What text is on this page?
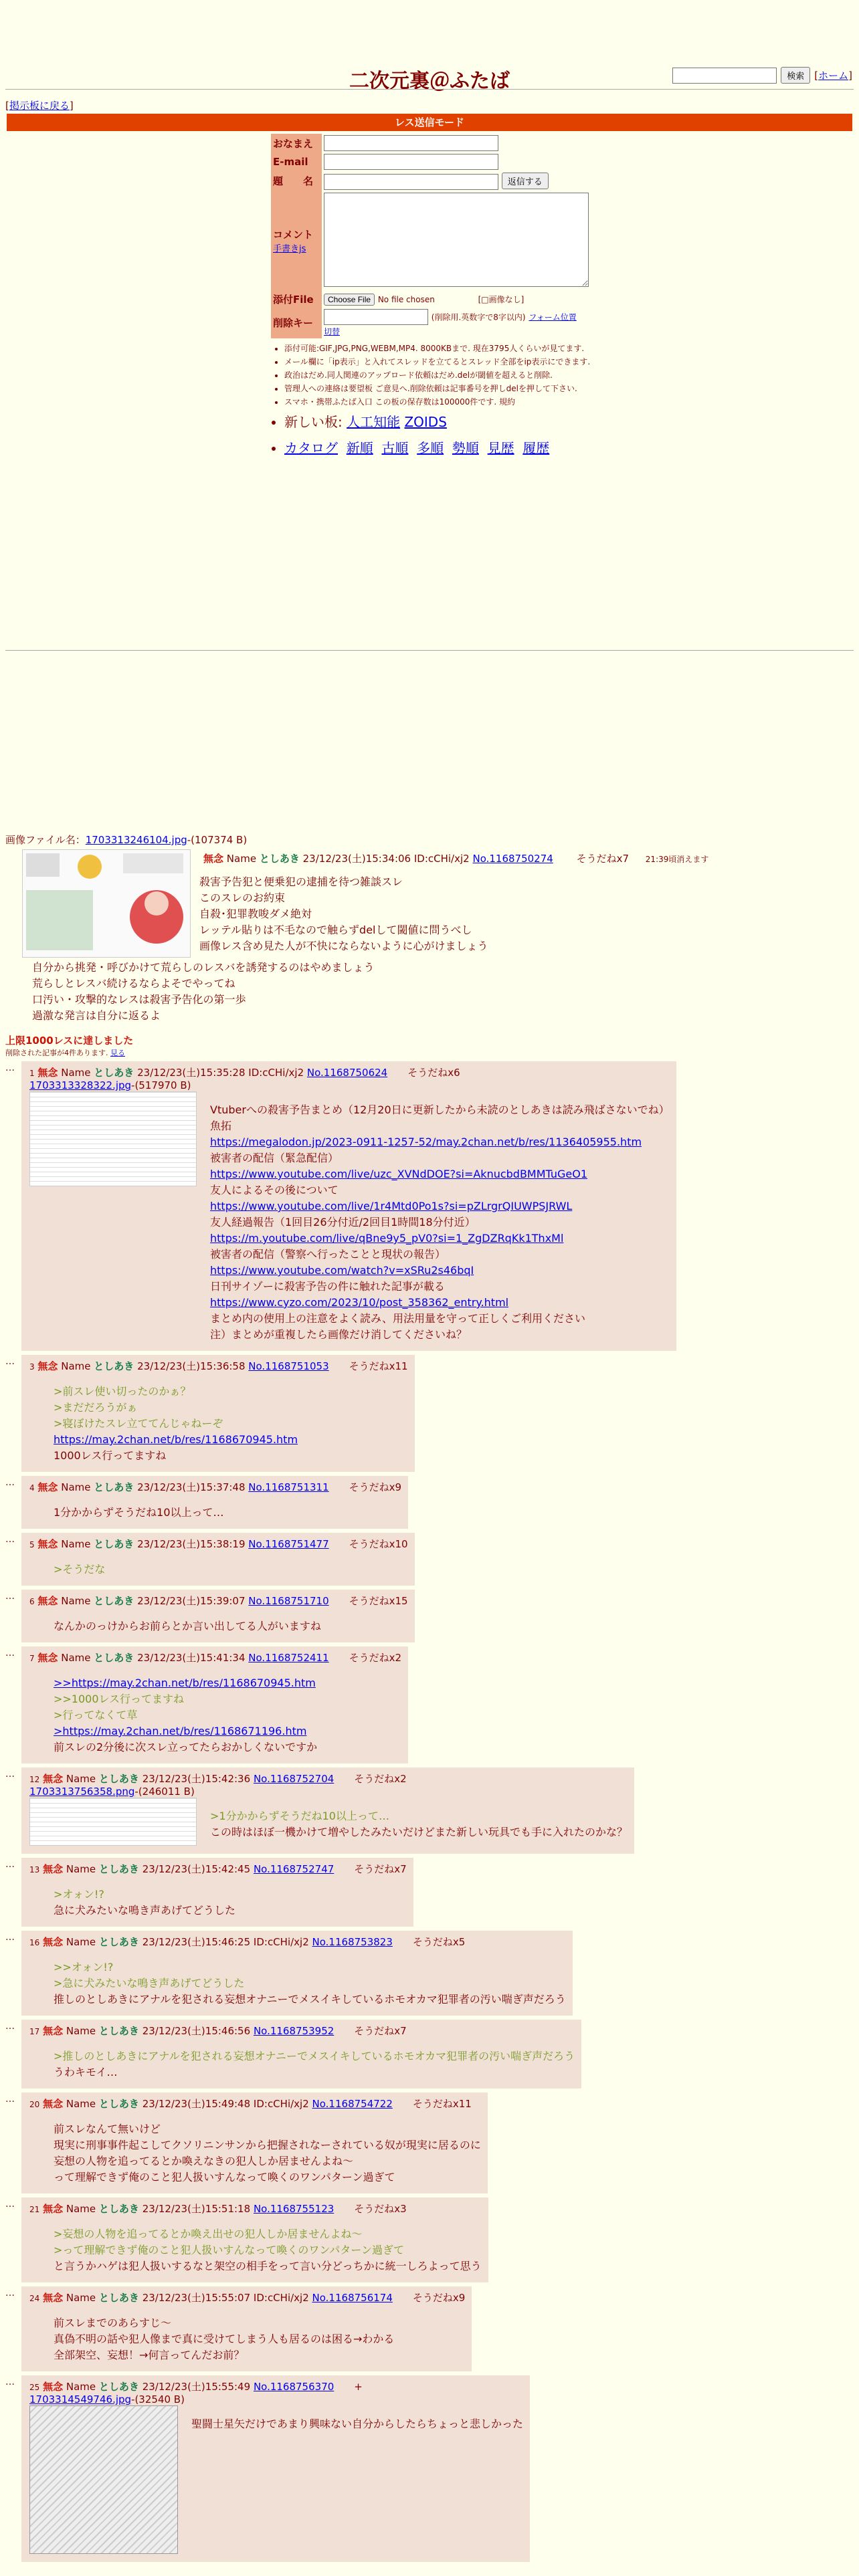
検索	[ホーム]
二次元裏＠ふたば
[掲示板に戻る]
レス送信モード
おなまえ	
E-mail	
題　　名	返信する

コメント
手書きjs	
添付File	Choose File No file chosen [□画像なし]
削除キー	(削除用.英数字で8字以内) フォーム位置
切替
• 添付可能:GIF,JPG,PNG,WEBM,MP4. 8000KBまで. 現在3795人くらいが見てます.
• メール欄に「ip表示」と入れてスレッドを立てるとスレッド全部をip表示にできます.
• 政治はだめ.同人関連のアップロード依頼はだめ.delが閾値を超えると削除.
• 管理人への連絡は要望板 ご意見へ.削除依頼は記事番号を押しdelを押して下さい.
• スマホ・携帯ふたば入口 この板の保存数は100000件です. 規約
• 新しい板: 人工知能 ZOIDS
• カタログ 新順 古順 多順 勢順 見歴 履歴
画像ファイル名：1703313246104.jpg-(107374 B)
無念 Name としあき 23/12/23(土)15:34:06 ID:cCHi/xj2 No.1168750274 そうだねx7 21:39頃消えます
殺害予告犯と便乗犯の逮捕を待つ雑談スレ
このスレのお約束
自殺･犯罪教唆ダメ絶対
レッテル貼りは不毛なので触らずdelして閾値に問うべし
画像レス含め見た人が不快にならないように心がけましょう
自分から挑発・呼びかけて荒らしのレスバを誘発するのはやめましょう
荒らしとレスバ続けるならよそでやってね
口汚い・攻撃的なレスは殺害予告化の第一歩
過激な発言は自分に返るよ
上限1000レスに達しました
削除された記事が4件あります. 見る
… 1 無念 Name としあき 23/12/23(土)15:35:28 ID:cCHi/xj2 No.1168750624 そうだねx6
1703313328322.jpg-(517970 B)
Vtuberへの殺害予告まとめ（12月20日に更新したから未読のとしあきは読み飛ばさないでね）
魚拓
https://megalodon.jp/2023-0911-1257-52/may.2chan.net/b/res/1136405955.htm
被害者の配信（緊急配信）
https://www.youtube.com/live/uzc_XVNdDOE?si=AknucbdBMMTuGeO1
友人によるその後について
https://www.youtube.com/live/1r4Mtd0Po1s?si=pZLrgrQIUWPSJRWL
友人経過報告（1回目26分付近/2回目1時間18分付近）
https://m.youtube.com/live/qBne9y5_pV0?si=1_ZgDZRqKk1ThxMl
被害者の配信（警察へ行ったことと現状の報告）
https://www.youtube.com/watch?v=xSRu2s46bqI
日刊サイゾーに殺害予告の件に触れた記事が載る
https://www.cyzo.com/2023/10/post_358362_entry.html
まとめ内の使用上の注意をよく読み、用法用量を守って正しくご利用ください
注）まとめが重複したら画像だけ消してくださいね？
… 3 無念 Name としあき 23/12/23(土)15:36:58 No.1168751053 そうだねx11
>前スレ使い切ったのかぁ？
>まだだろうがぁ
>寝ぼけたスレ立ててんじゃねーぞ
https://may.2chan.net/b/res/1168670945.htm
1000レス行ってますね
… 4 無念 Name としあき 23/12/23(土)15:37:48 No.1168751311 そうだねx9
1分かからずそうだね10以上って…
… 5 無念 Name としあき 23/12/23(土)15:38:19 No.1168751477 そうだねx10
>そうだな
… 6 無念 Name としあき 23/12/23(土)15:39:07 No.1168751710 そうだねx15
なんかのっけからお前らとか言い出してる人がいますね
… 7 無念 Name としあき 23/12/23(土)15:41:34 No.1168752411 そうだねx2
>>https://may.2chan.net/b/res/1168670945.htm
>>1000レス行ってますね
>行ってなくて草
>https://may.2chan.net/b/res/1168671196.htm
前スレの2分後に次スレ立ってたらおかしくないですか
… 12 無念 Name としあき 23/12/23(土)15:42:36 No.1168752704 そうだねx2
1703313756358.png-(246011 B)
>1分かからずそうだね10以上って…
この時はほぼ一機かけて増やしたみたいだけどまた新しい玩具でも手に入れたのかな？
… 13 無念 Name としあき 23/12/23(土)15:42:45 No.1168752747 そうだねx7
>オォン!?
急に犬みたいな鳴き声あげてどうした
… 16 無念 Name としあき 23/12/23(土)15:46:25 ID:cCHi/xj2 No.1168753823 そうだねx5
>>オォン!?
>急に犬みたいな鳴き声あげてどうした
推しのとしあきにアナルを犯される妄想オナニーでメスイキしているホモオカマ犯罪者の汚い喘ぎ声だろう
… 17 無念 Name としあき 23/12/23(土)15:46:56 No.1168753952 そうだねx7
>推しのとしあきにアナルを犯される妄想オナニーでメスイキしているホモオカマ犯罪者の汚い喘ぎ声だろう
うわキモイ…
… 20 無念 Name としあき 23/12/23(土)15:49:48 ID:cCHi/xj2 No.1168754722 そうだねx11
前スレなんて無いけど
現実に刑事事件起こしてクソリニンサンから把握されなーされている奴が現実に居るのに
妄想の人物を追ってるとか喚えなきの犯人しか居ませんよね～
って理解できず俺のこと犯人扱いすんなって喚くのワンパターン過ぎて
… 21 無念 Name としあき 23/12/23(土)15:51:18 No.1168755123 そうだねx3
>妄想の人物を追ってるとか喚え出せの犯人しか居ませんよね～
>って理解できず俺のこと犯人扱いすんなって喚くのワンパターン過ぎて
と言うかハゲは犯人扱いするなと架空の相手をって言い分どっちかに統一しろよって思う
… 24 無念 Name としあき 23/12/23(土)15:55:07 ID:cCHi/xj2 No.1168756174 そうだねx9
前スレまでのあらすじ～
真偽不明の話や犯人像まで真に受けてしまう人も居るのは困る→わかる
全部架空、妄想！→何言ってんだお前？
… 25 無念 Name としあき 23/12/23(土)15:55:49 No.1168756370 +
1703314549746.jpg-(32540 B)
聖闘士星矢だけであまり興味ない自分からしたらちょっと悲しかった
